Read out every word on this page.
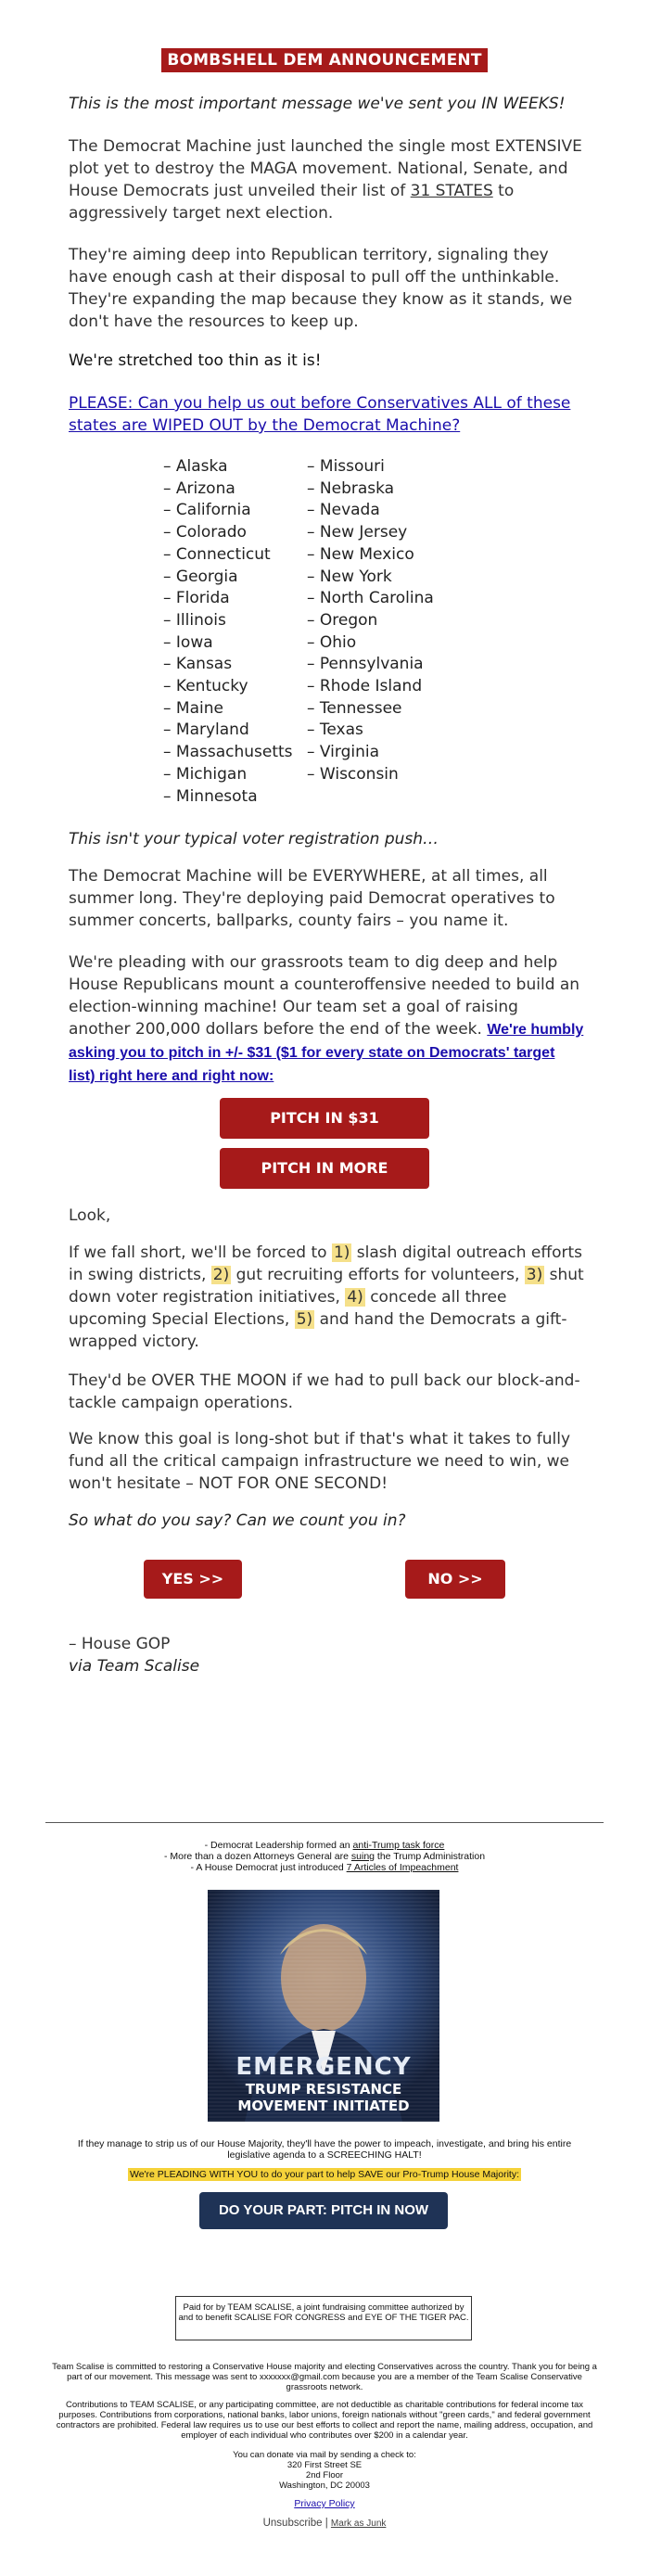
BOMBSHELL DEM ANNOUNCEMENT

This is the most important message we've sent you IN WEEKS!

The Democrat Machine just launched the single most EXTENSIVE plot yet to destroy the MAGA movement. National, Senate, and House Democrats just unveiled their list of 31 STATES to aggressively target next election.

They're aiming deep into Republican territory, signaling they have enough cash at their disposal to pull off the unthinkable. They're expanding the map because they know as it stands, we don't have the resources to keep up.

We're stretched too thin as it is!

PLEASE: Can you help us out before Conservatives ALL of these states are WIPED OUT by the Democrat Machine?

– Alaska
– Arizona
– California
– Colorado
– Connecticut
– Georgia
– Florida
– Illinois
– Iowa
– Kansas
– Kentucky
– Maine
– Maryland
– Massachusetts
– Michigan
– Minnesota
– Missouri
– Nebraska
– Nevada
– New Jersey
– New Mexico
– New York
– North Carolina
– Oregon
– Ohio
– Pennsylvania
– Rhode Island
– Tennessee
– Texas
– Virginia
– Wisconsin

This isn't your typical voter registration push…

The Democrat Machine will be EVERYWHERE, at all times, all summer long. They're deploying paid Democrat operatives to summer concerts, ballparks, county fairs – you name it.

We're pleading with our grassroots team to dig deep and help House Republicans mount a counteroffensive needed to build an election-winning machine! Our team set a goal of raising another 200,000 dollars before the end of the week. We're humbly asking you to pitch in +/- $31 ($1 for every state on Democrats' target list) right here and right now:

PITCH IN $31
PITCH IN MORE

Look,

If we fall short, we'll be forced to 1) slash digital outreach efforts in swing districts, 2) gut recruiting efforts for volunteers, 3) shut down voter registration initiatives, 4) concede all three upcoming Special Elections, 5) and hand the Democrats a gift-wrapped victory.

They'd be OVER THE MOON if we had to pull back our block-and-tackle campaign operations.

We know this goal is long-shot but if that's what it takes to fully fund all the critical campaign infrastructure we need to win, we won't hesitate – NOT FOR ONE SECOND!

So what do you say? Can we count you in?

YES >>	NO >>

– House GOP

via Team Scalise

- Democrat Leadership formed an anti-Trump task force
- More than a dozen Attorneys General are suing the Trump Administration
- A House Democrat just introduced 7 Articles of Impeachment
EMERGENCY
TRUMP RESISTANCE
MOVEMENT INITIATED
If they manage to strip us of our House Majority, they'll have the power to impeach, investigate, and bring his entire legislative agenda to a SCREECHING HALT!
We're PLEADING WITH YOU to do your part to help SAVE our Pro-Trump House Majority:
DO YOUR PART: PITCH IN NOW
Paid for by TEAM SCALISE, a joint fundraising committee authorized by and to benefit SCALISE FOR CONGRESS and EYE OF THE TIGER PAC.
Team Scalise is committed to restoring a Conservative House majority and electing Conservatives across the country. Thank you for being a part of our movement. This message was sent to xxxxxxx@gmail.com because you are a member of the Team Scalise Conservative grassroots network.
Contributions to TEAM SCALISE, or any participating committee, are not deductible as charitable contributions for federal income tax purposes. Contributions from corporations, national banks, labor unions, foreign nationals without "green cards," and federal government contractors are prohibited. Federal law requires us to use our best efforts to collect and report the name, mailing address, occupation, and employer of each individual who contributes over $200 in a calendar year.
You can donate via mail by sending a check to:
320 First Street SE
2nd Floor
Washington, DC 20003
Privacy Policy
Unsubscribe | Mark as Junk
